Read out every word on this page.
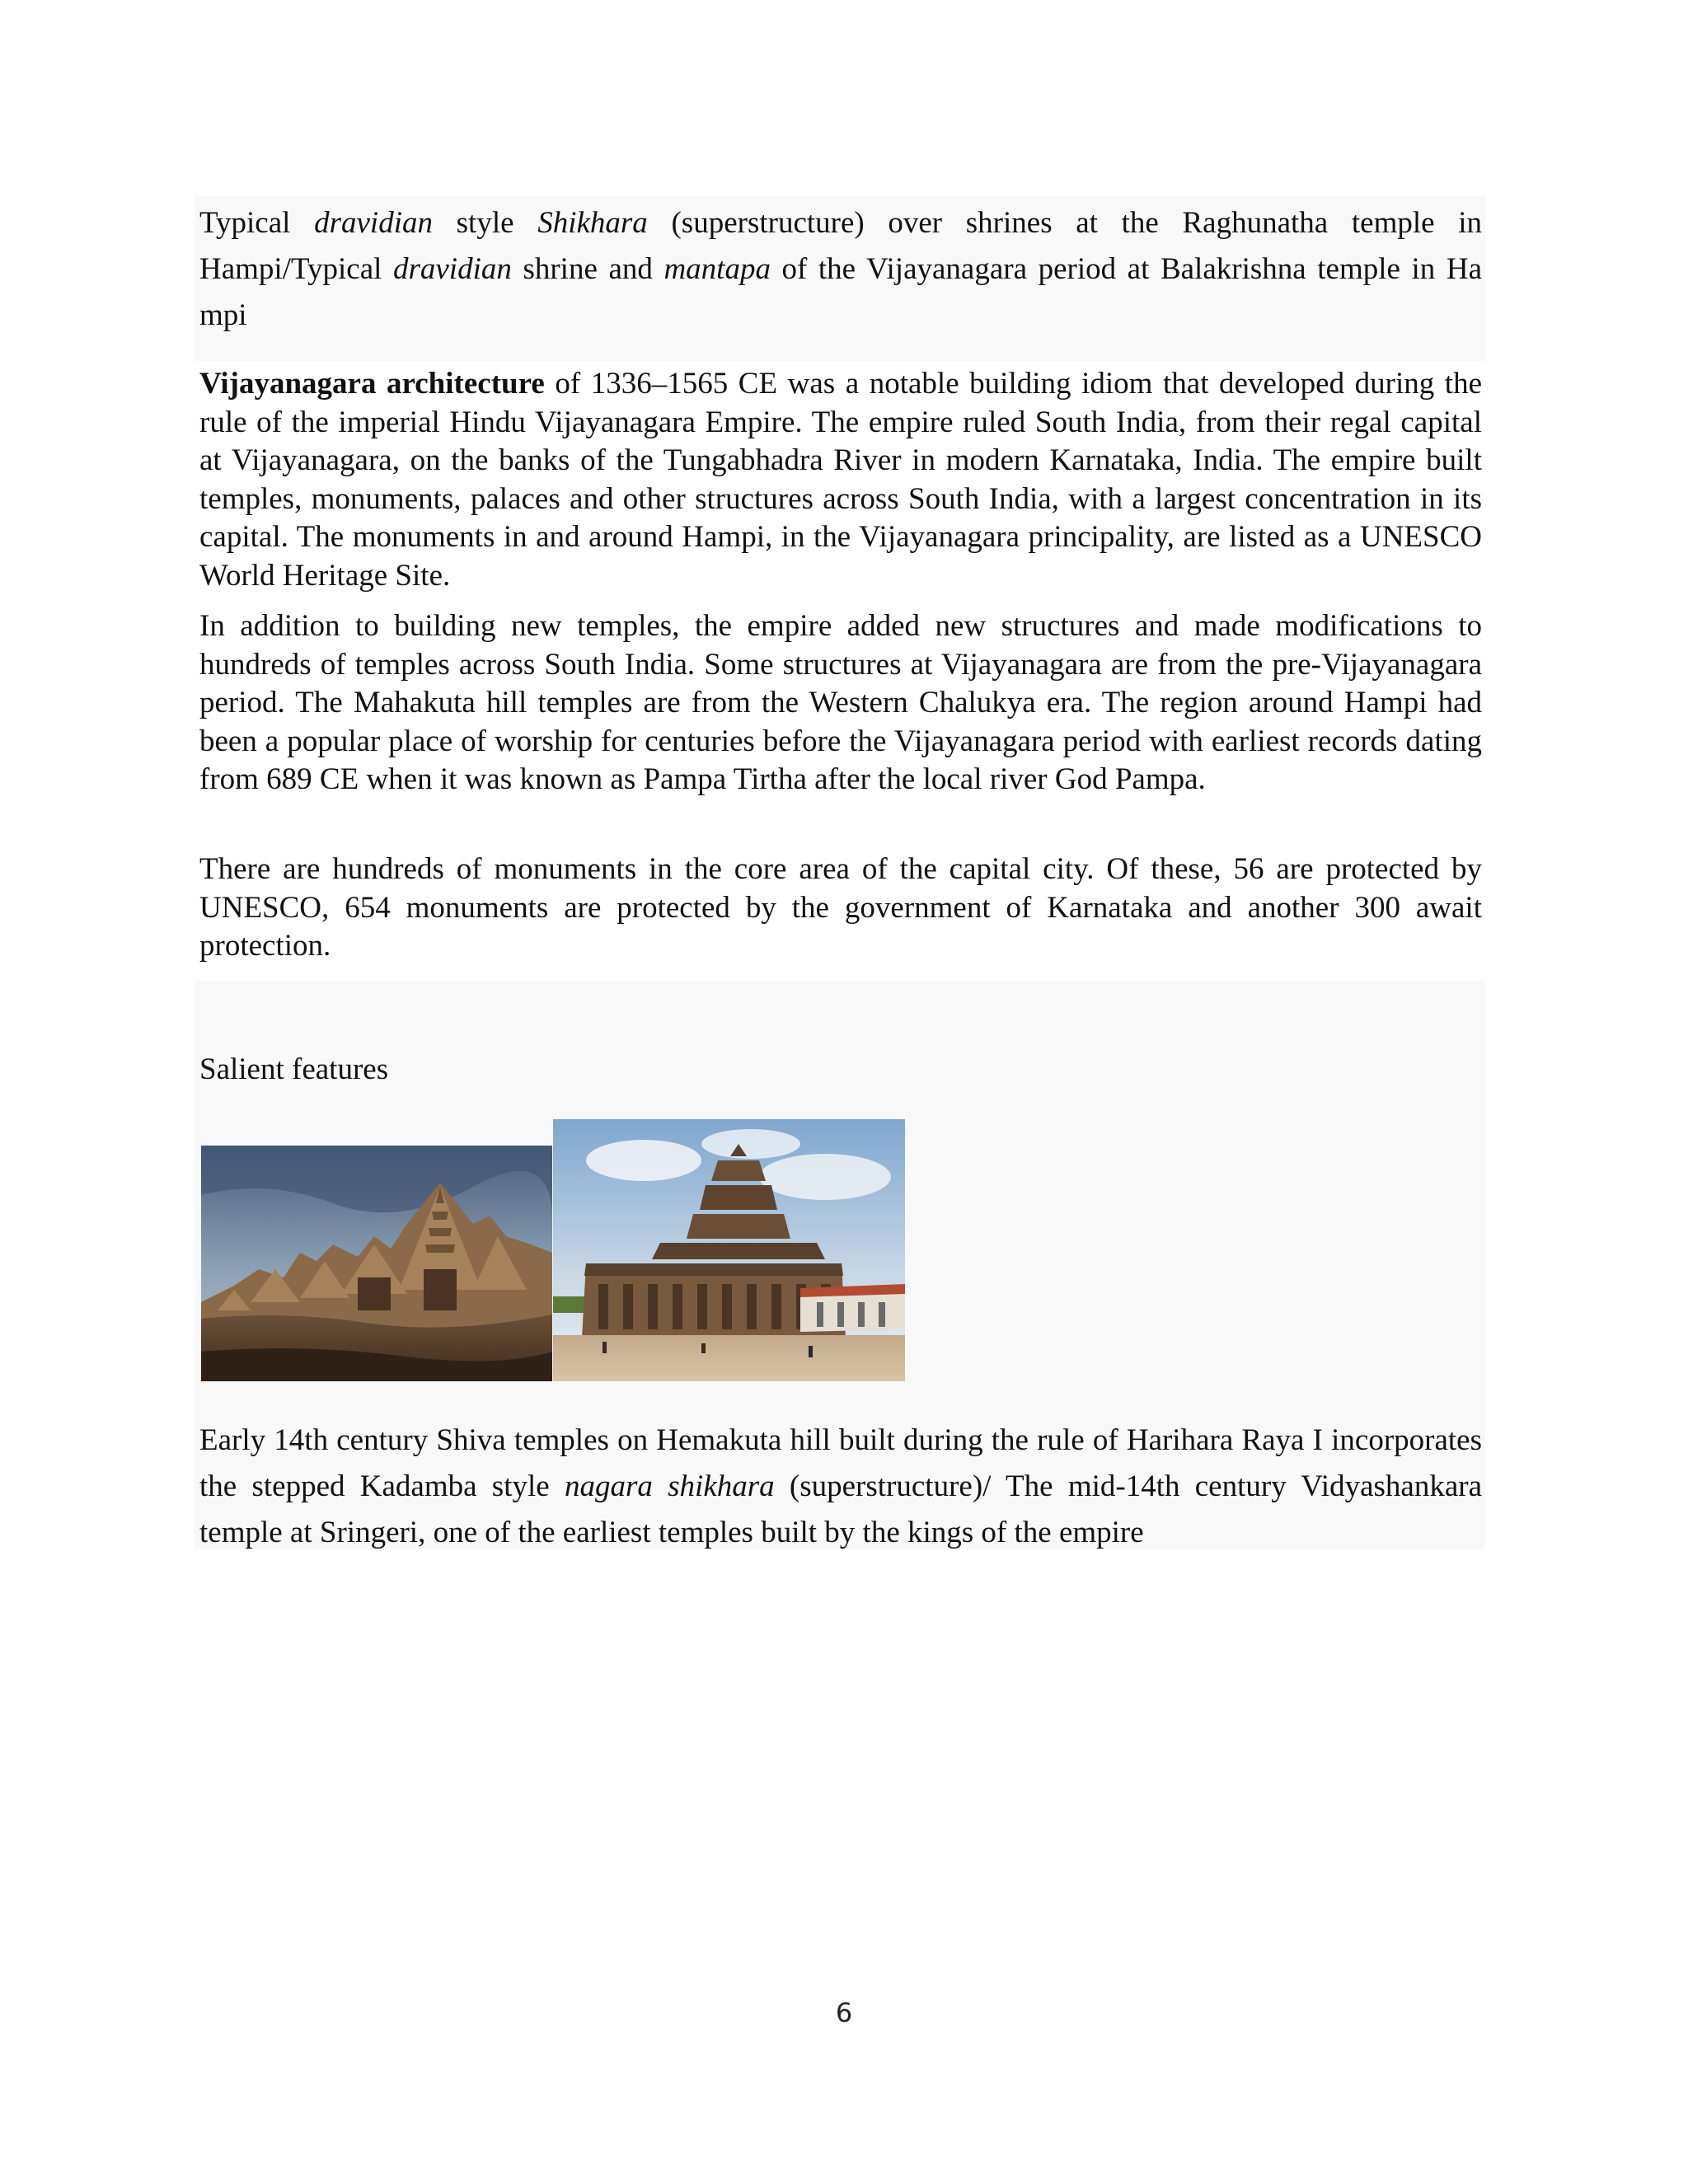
Typical dravidian style Shikhara (superstructure) over shrines at the Raghunatha temple in Hampi/Typical dravidian shrine and mantapa of the Vijayanagara period at Balakrishna temple in Ha mpi

Vijayanagara architecture of 1336–1565 CE was a notable building idiom that developed during the rule of the imperial Hindu Vijayanagara Empire. The empire ruled South India, from their regal capital at Vijayanagara, on the banks of the Tungabhadra River in modern Karnataka, India. The empire built temples, monuments, palaces and other structures across South India, with a largest concentration in its capital. The monuments in and around Hampi, in the Vijayanagara principality, are listed as a UNESCO World Heritage Site.

In addition to building new temples, the empire added new structures and made modifications to hundreds of temples across South India. Some structures at Vijayanagara are from the pre-Vijayanagara period. The Mahakuta hill temples are from the Western Chalukya era. The region around Hampi had been a popular place of worship for centuries before the Vijayanagara period with earliest records dating from 689 CE when it was known as Pampa Tirtha after the local river God Pampa.

There are hundreds of monuments in the core area of the capital city. Of these, 56 are protected by UNESCO, 654 monuments are protected by the government of Karnataka and another 300 await protection.

Salient features

Early 14th century Shiva temples on Hemakuta hill built during the rule of Harihara Raya I incorporates the stepped Kadamba style nagara shikhara (superstructure)/ The mid-14th century Vidyashankara temple at Sringeri, one of the earliest temples built by the kings of the empire

6
